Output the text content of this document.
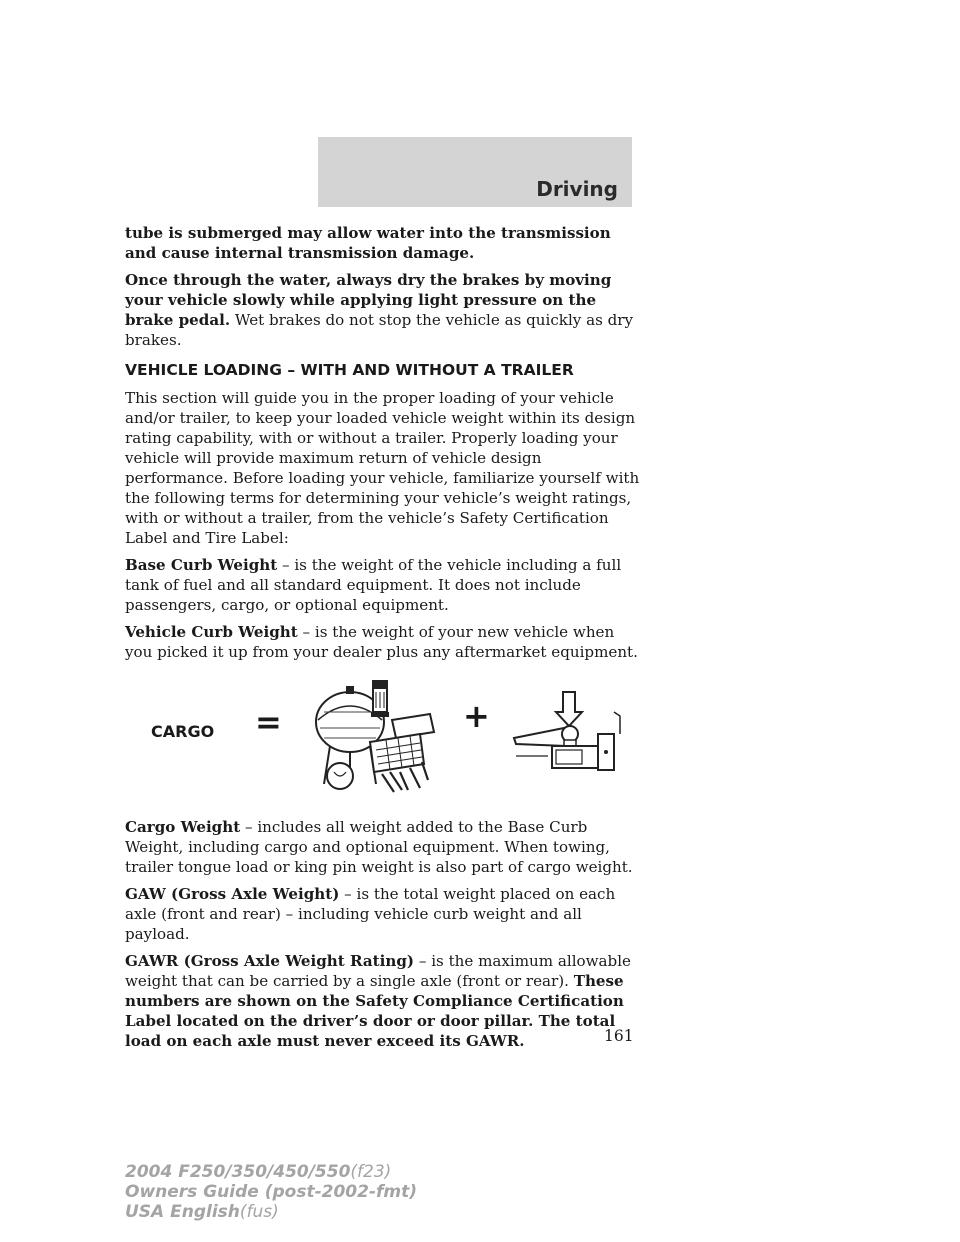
Driving

tube is submerged may allow water into the transmission and cause internal transmission damage.

Once through the water, always dry the brakes by moving your vehicle slowly while applying light pressure on the brake pedal. Wet brakes do not stop the vehicle as quickly as dry brakes.

VEHICLE LOADING – WITH AND WITHOUT A TRAILER

This section will guide you in the proper loading of your vehicle and/or trailer, to keep your loaded vehicle weight within its design rating capability, with or without a trailer. Properly loading your vehicle will provide maximum return of vehicle design performance. Before loading your vehicle, familiarize yourself with the following terms for determining your vehicle’s weight ratings, with or without a trailer, from the vehicle’s Safety Certification Label and Tire Label:

Base Curb Weight – is the weight of the vehicle including a full tank of fuel and all standard equipment. It does not include passengers, cargo, or optional equipment.

Vehicle Curb Weight – is the weight of your new vehicle when you picked it up from your dealer plus any aftermarket equipment.

CARGO =	+

Cargo Weight – includes all weight added to the Base Curb Weight, including cargo and optional equipment. When towing, trailer tongue load or king pin weight is also part of cargo weight.

GAW (Gross Axle Weight) – is the total weight placed on each axle (front and rear) – including vehicle curb weight and all payload.

GAWR (Gross Axle Weight Rating) – is the maximum allowable weight that can be carried by a single axle (front or rear). These numbers are shown on the Safety Compliance Certification Label located on the driver’s door or door pillar. The total load on each axle must never exceed its GAWR.	161
2004 F250/350/450/550(f23)
Owners Guide (post-2002-fmt)
USA English(fus)
